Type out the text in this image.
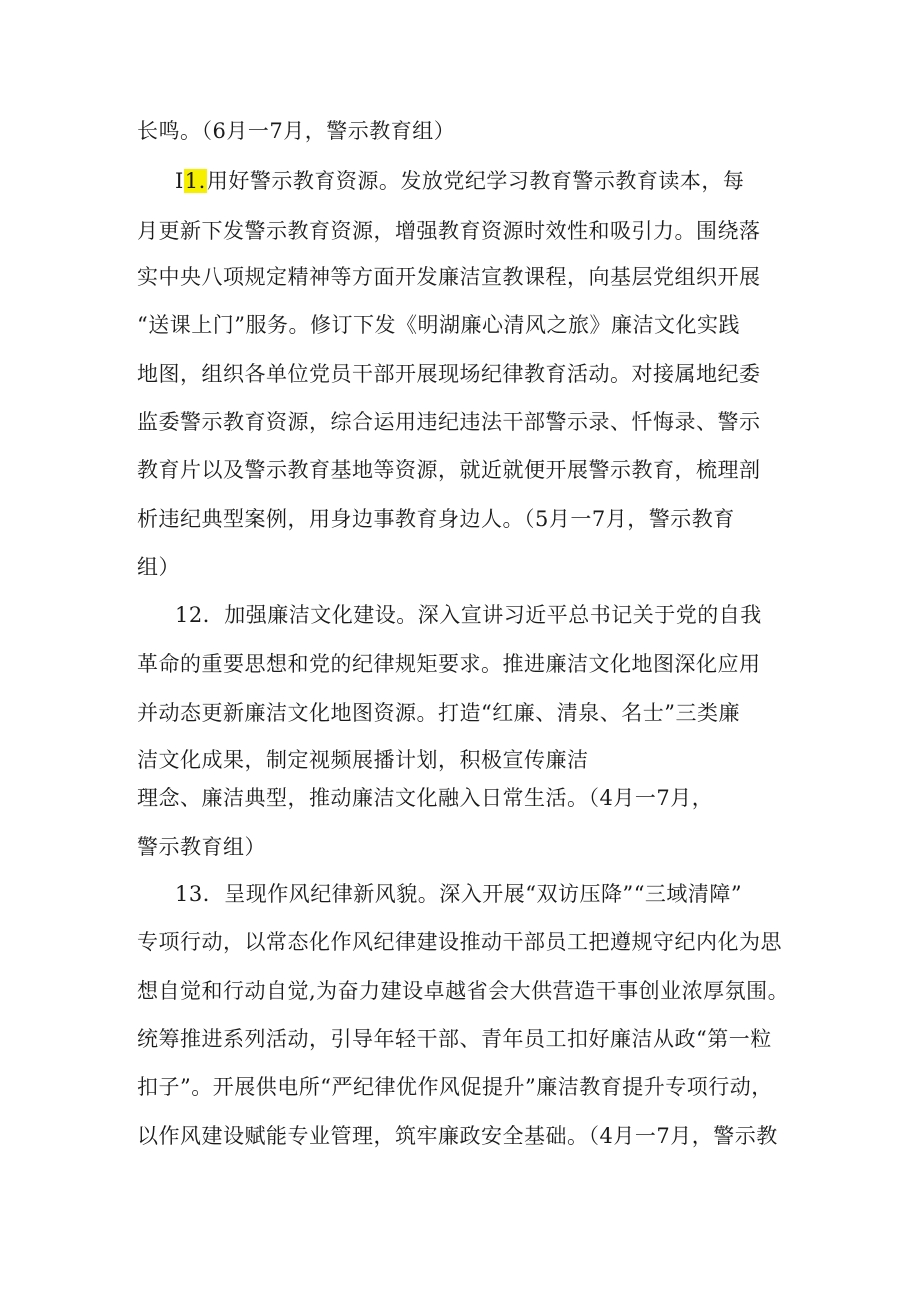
长鸣。（6月一7月，警示教育组）
I1.用好警示教育资源。发放党纪学习教育警示教育读本，每
月更新下发警示教育资源，增强教育资源时效性和吸引力。围绕落
实中央八项规定精神等方面开发廉洁宣教课程，向基层党组织开展
“送课上门”服务。修订下发《明湖廉心清风之旅》廉洁文化实践
地图，组织各单位党员干部开展现场纪律教育活动。对接属地纪委
监委警示教育资源，综合运用违纪违法干部警示录、忏悔录、警示
教育片以及警示教育基地等资源，就近就便开展警示教育，梳理剖
析违纪典型案例，用身边事教育身边人。（5月一7月，警示教育
组）
12．加强廉洁文化建设。深入宣讲习近平总书记关于党的自我
革命的重要思想和党的纪律规矩要求。推进廉洁文化地图深化应用
并动态更新廉洁文化地图资源。打造“红廉、清泉、名士”三类廉
洁文化成果，制定视频展播计划，积极宣传廉洁
理念、廉洁典型，推动廉洁文化融入日常生活。（4月一7月，
警示教育组）
13．呈现作风纪律新风貌。深入开展“双访压降”“三域清障”
专项行动，以常态化作风纪律建设推动干部员工把遵规守纪内化为思
想自觉和行动自觉,为奋力建设卓越省会大供营造干事创业浓厚氛围。
统筹推进系列活动，引导年轻干部、青年员工扣好廉洁从政“第一粒
扣子”。开展供电所“严纪律优作风促提升”廉洁教育提升专项行动，
以作风建设赋能专业管理，筑牢廉政安全基础。（4月一7月，警示教
